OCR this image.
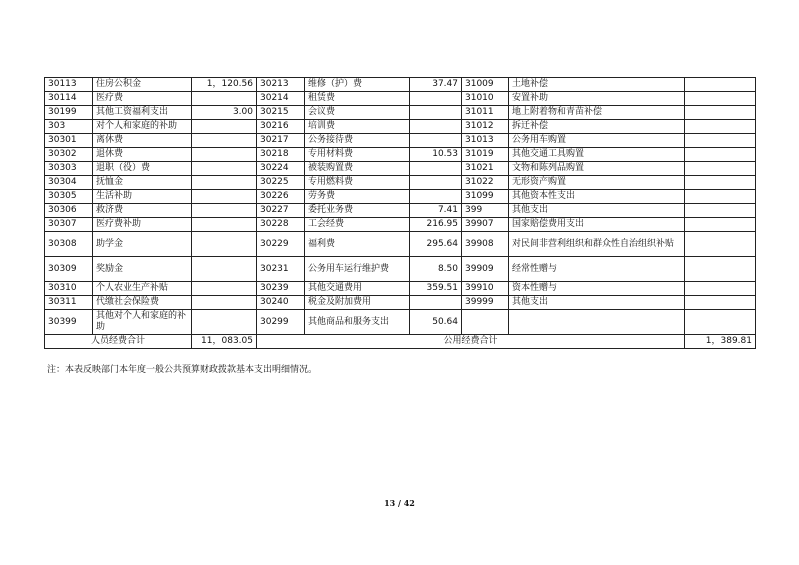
30113	住房公积金	1，120.56	30213	维修（护）费	37.47	31009	土地补偿	
30114	医疗费		30214	租赁费		31010	安置补助	
30199	其他工资福利支出	3.00	30215	会议费		31011	地上附着物和青苗补偿	
303	对个人和家庭的补助		30216	培训费		31012	拆迁补偿	
30301	离休费		30217	公务接待费		31013	公务用车购置	
30302	退休费		30218	专用材料费	10.53	31019	其他交通工具购置	
30303	退职（役）费		30224	被装购置费		31021	文物和陈列品购置	
30304	抚恤金		30225	专用燃料费		31022	无形资产购置	
30305	生活补助		30226	劳务费		31099	其他资本性支出	
30306	救济费		30227	委托业务费	7.41	399	其他支出	
30307	医疗费补助		30228	工会经费	216.95	39907	国家赔偿费用支出	
30308	助学金		30229	福利费	295.64	39908	对民间非营利组织和群众性自治组织补贴	
30309	奖励金		30231	公务用车运行维护费	8.50	39909	经常性赠与	
30310	个人农业生产补贴		30239	其他交通费用	359.51	39910	资本性赠与	
30311	代缴社会保险费		30240	税金及附加费用		39999	其他支出	
30399	其他对个人和家庭的补助		30299	其他商品和服务支出	50.64			
人员经费合计		11，083.05	公用经费合计					1，389.81
注：本表反映部门本年度一般公共预算财政拨款基本支出明细情况。
13 / 42
